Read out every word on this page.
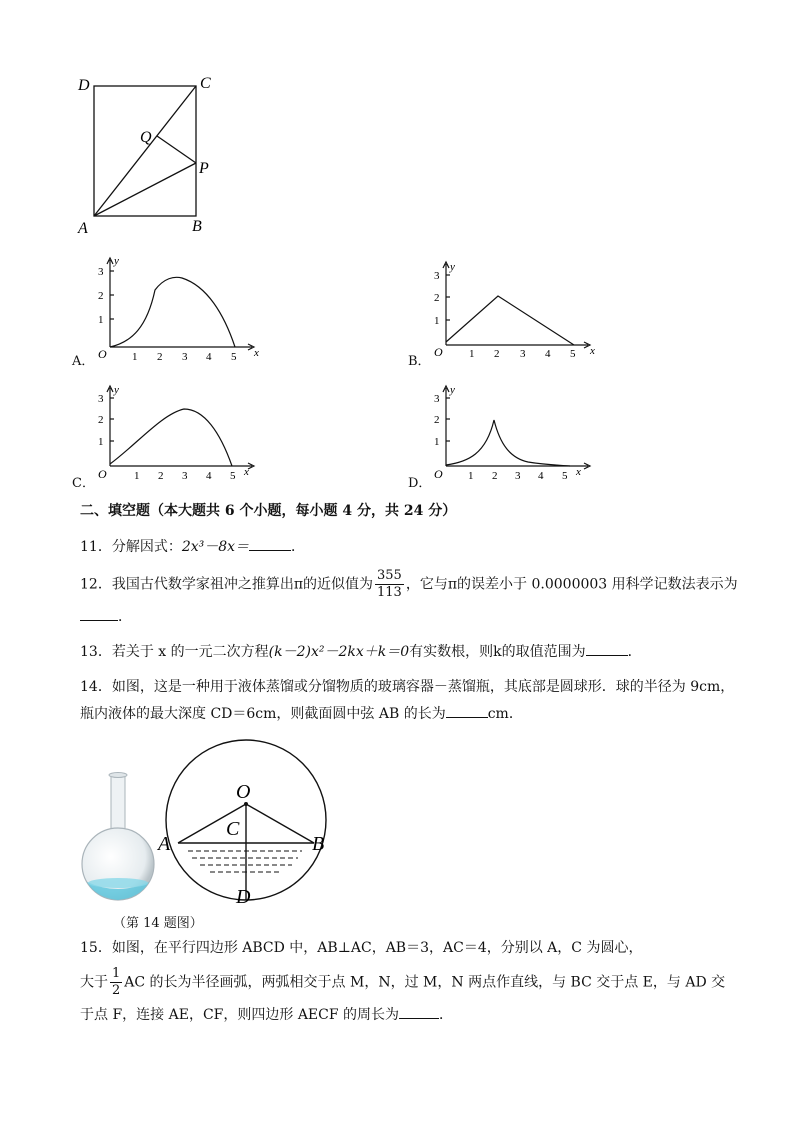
D	C
Q
P
A	B
y
O
1
2
3
1 2 3 4 5 x
A．
y
O
1
2
3
1 2 3 4 5 x
B．
y
O
1
2
3
1 2 3 4 5 x
C．
y
O
1
2
3
1 2 3 4 5 x
D．
二、填空题（本大题共 6 个小题，每小题 4 分，共 24 分）
11．分解因式：2x³－8x＝	．
12．我国古代数学家祖冲之推算出π的近似值为 $\frac{355}{113}$ ，它与π的误差小于 0.0000003 用科学记数法表示为
．
13．若关于 x 的一元二次方程(k－2)x²－2kx＋k＝0有实数根，则k的取值范围为	．
14．如图，这是一种用于液体蒸馏或分馏物质的玻璃容器－蒸馏瓶，其底部是圆球形．球的半径为 9cm，
瓶内液体的最大深度 CD＝6cm，则截面圆中弦 AB 的长为	cm．
O
C
A	B
D
（第 14 题图）
15．如图，在平行四边形 ABCD 中，AB⊥AC，AB＝3，AC＝4，分别以 A，C 为圆心，
大于 $\frac{1}{2}$ AC 的长为半径画弧，两弧相交于点 M，N，过 M，N 两点作直线，与 BC 交于点 E，与 AD 交
于点 F，连接 AE，CF，则四边形 AECF 的周长为	．
